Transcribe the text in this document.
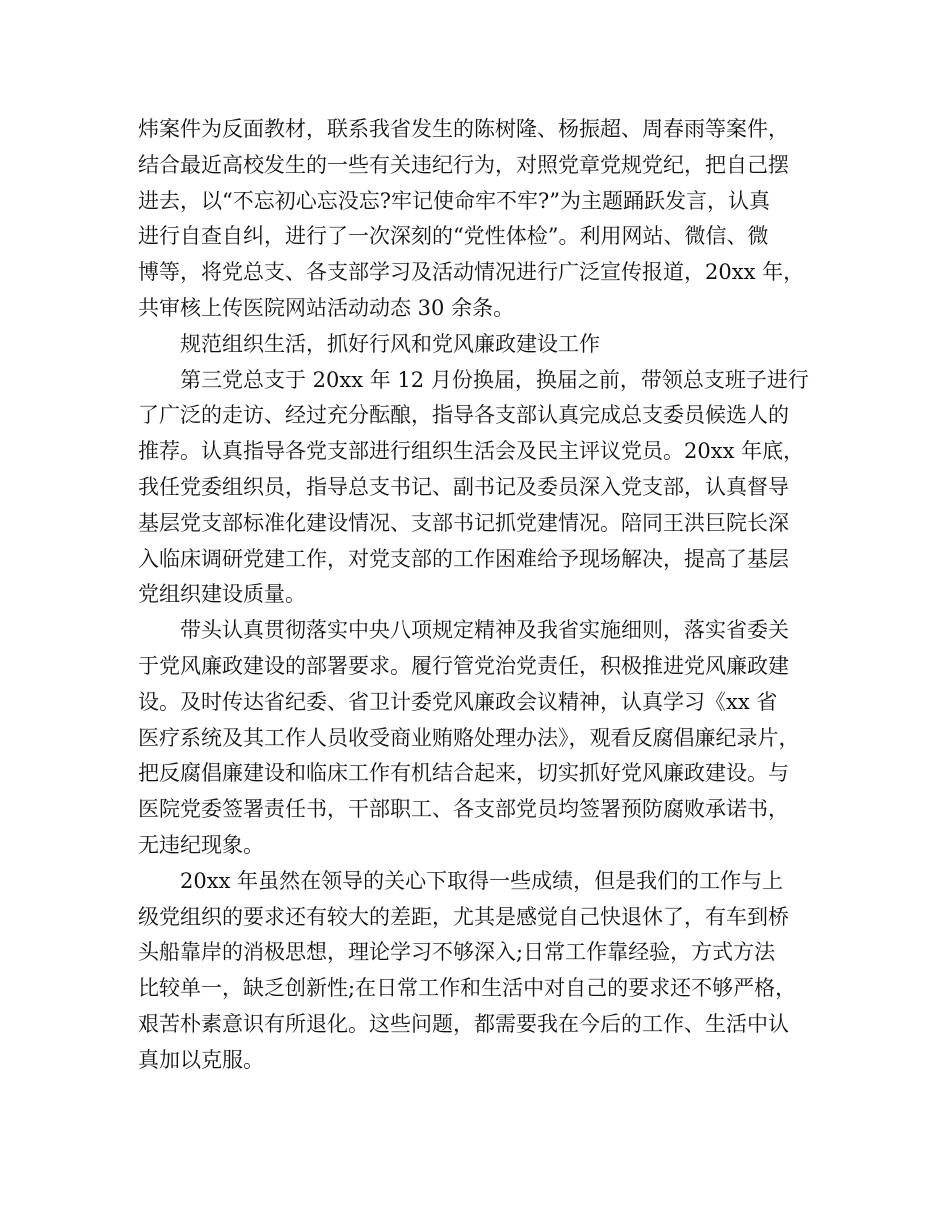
炜案件为反面教材，联系我省发生的陈树隆、杨振超、周春雨等案件，
结合最近高校发生的一些有关违纪行为，对照党章党规党纪，把自己摆
进去，以“不忘初心忘没忘?牢记使命牢不牢?”为主题踊跃发言，认真
进行自查自纠，进行了一次深刻的“党性体检”。利用网站、微信、微
博等，将党总支、各支部学习及活动情况进行广泛宣传报道，20xx 年，
共审核上传医院网站活动动态 30 余条。
规范组织生活，抓好行风和党风廉政建设工作
第三党总支于 20xx 年 12 月份换届，换届之前，带领总支班子进行
了广泛的走访、经过充分酝酿，指导各支部认真完成总支委员候选人的
推荐。认真指导各党支部进行组织生活会及民主评议党员。20xx 年底，
我任党委组织员，指导总支书记、副书记及委员深入党支部，认真督导
基层党支部标准化建设情况、支部书记抓党建情况。陪同王洪巨院长深
入临床调研党建工作，对党支部的工作困难给予现场解决，提高了基层
党组织建设质量。
带头认真贯彻落实中央八项规定精神及我省实施细则，落实省委关
于党风廉政建设的部署要求。履行管党治党责任，积极推进党风廉政建
设。及时传达省纪委、省卫计委党风廉政会议精神，认真学习《xx 省
医疗系统及其工作人员收受商业贿赂处理办法》，观看反腐倡廉纪录片，
把反腐倡廉建设和临床工作有机结合起来，切实抓好党风廉政建设。与
医院党委签署责任书，干部职工、各支部党员均签署预防腐败承诺书，
无违纪现象。
20xx 年虽然在领导的关心下取得一些成绩，但是我们的工作与上
级党组织的要求还有较大的差距，尤其是感觉自己快退休了，有车到桥
头船靠岸的消极思想，理论学习不够深入;日常工作靠经验，方式方法
比较单一，缺乏创新性;在日常工作和生活中对自己的要求还不够严格，
艰苦朴素意识有所退化。这些问题，都需要我在今后的工作、生活中认
真加以克服。
